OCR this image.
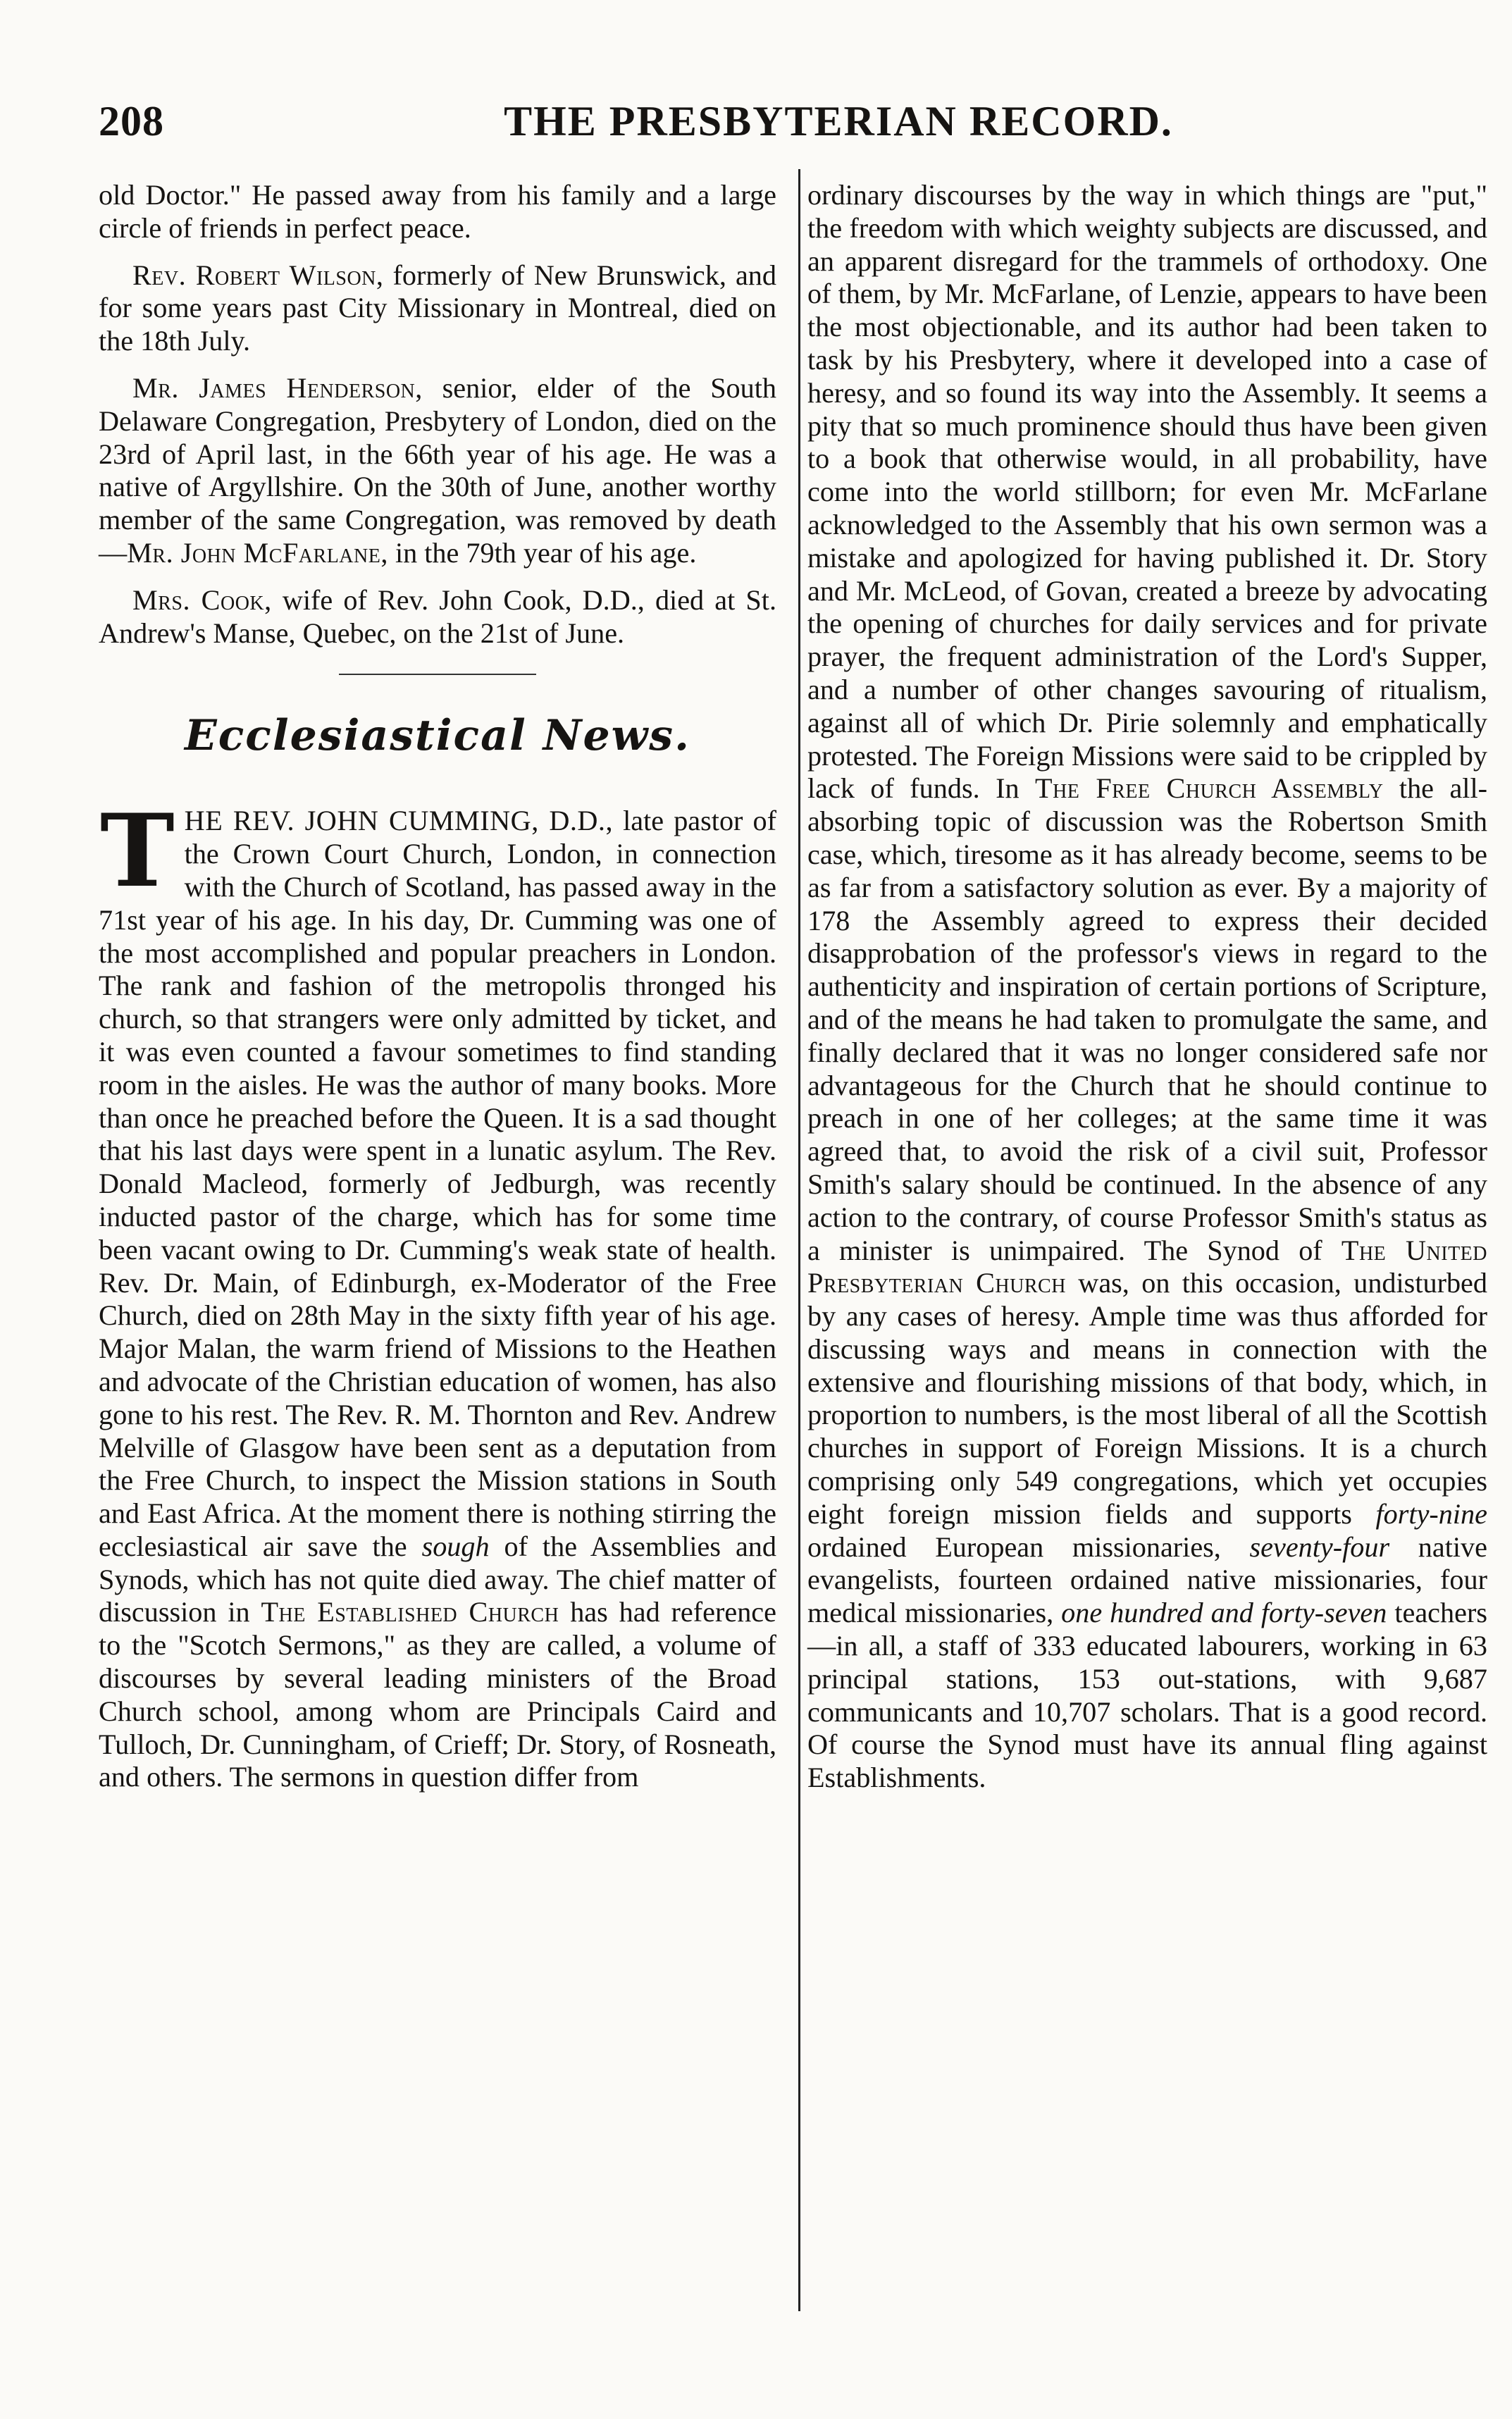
208	THE PRESBYTERIAN RECORD.

old Doctor." He passed away from his family and a large circle of friends in perfect peace.

Rev. Robert Wilson, formerly of New Brunswick, and for some years past City Missionary in Montreal, died on the 18th July.

Mr. James Henderson, senior, elder of the South Delaware Congregation, Presbytery of London, died on the 23rd of April last, in the 66th year of his age. He was a native of Argyllshire. On the 30th of June, another worthy member of the same Congregation, was removed by death—Mr. John McFarlane, in the 79th year of his age.

Mrs. Cook, wife of Rev. John Cook, D.D., died at St. Andrew's Manse, Quebec, on the 21st of June.

Ecclesiastical News.

THE REV. JOHN CUMMING, D.D., late pastor of the Crown Court Church, London, in connection with the Church of Scotland, has passed away in the 71st year of his age. In his day, Dr. Cumming was one of the most accomplished and popular preachers in London. The rank and fashion of the metropolis thronged his church, so that strangers were only admitted by ticket, and it was even counted a favour sometimes to find standing room in the aisles. He was the author of many books. More than once he preached before the Queen. It is a sad thought that his last days were spent in a lunatic asylum. The Rev. Donald Macleod, formerly of Jedburgh, was recently inducted pastor of the charge, which has for some time been vacant owing to Dr. Cumming's weak state of health. Rev. Dr. Main, of Edinburgh, ex-Moderator of the Free Church, died on 28th May in the sixty fifth year of his age. Major Malan, the warm friend of Missions to the Heathen and advocate of the Christian education of women, has also gone to his rest. The Rev. R. M. Thornton and Rev. Andrew Melville of Glasgow have been sent as a deputation from the Free Church, to inspect the Mission stations in South and East Africa. At the moment there is nothing stirring the ecclesiastical air save the sough of the Assemblies and Synods, which has not quite died away. The chief matter of discussion in The Established Church has had reference to the "Scotch Sermons," as they are called, a volume of discourses by several leading ministers of the Broad Church school, among whom are Principals Caird and Tulloch, Dr. Cunningham, of Crieff; Dr. Story, of Rosneath, and others. The sermons in question differ from

ordinary discourses by the way in which things are "put," the freedom with which weighty subjects are discussed, and an apparent disregard for the trammels of orthodoxy. One of them, by Mr. McFarlane, of Lenzie, appears to have been the most objectionable, and its author had been taken to task by his Presbytery, where it developed into a case of heresy, and so found its way into the Assembly. It seems a pity that so much prominence should thus have been given to a book that otherwise would, in all probability, have come into the world stillborn; for even Mr. McFarlane acknowledged to the Assembly that his own sermon was a mistake and apologized for having published it. Dr. Story and Mr. McLeod, of Govan, created a breeze by advocating the opening of churches for daily services and for private prayer, the frequent administration of the Lord's Supper, and a number of other changes savouring of ritualism, against all of which Dr. Pirie solemnly and emphatically protested. The Foreign Missions were said to be crippled by lack of funds. In The Free Church Assembly the all-absorbing topic of discussion was the Robertson Smith case, which, tiresome as it has already become, seems to be as far from a satisfactory solution as ever. By a majority of 178 the Assembly agreed to express their decided disapprobation of the professor's views in regard to the authenticity and inspiration of certain portions of Scripture, and of the means he had taken to promulgate the same, and finally declared that it was no longer considered safe nor advantageous for the Church that he should continue to preach in one of her colleges; at the same time it was agreed that, to avoid the risk of a civil suit, Professor Smith's salary should be continued. In the absence of any action to the contrary, of course Professor Smith's status as a minister is unimpaired. The Synod of The United Presbyterian Church was, on this occasion, undisturbed by any cases of heresy. Ample time was thus afforded for discussing ways and means in connection with the extensive and flourishing missions of that body, which, in proportion to numbers, is the most liberal of all the Scottish churches in support of Foreign Missions. It is a church comprising only 549 congregations, which yet occupies eight foreign mission fields and supports forty-nine ordained European missionaries, seventy-four native evangelists, fourteen ordained native missionaries, four medical missionaries, one hundred and forty-seven teachers—in all, a staff of 333 educated labourers, working in 63 principal stations, 153 out-stations, with 9,687 communicants and 10,707 scholars. That is a good record. Of course the Synod must have its annual fling against Establishments.
